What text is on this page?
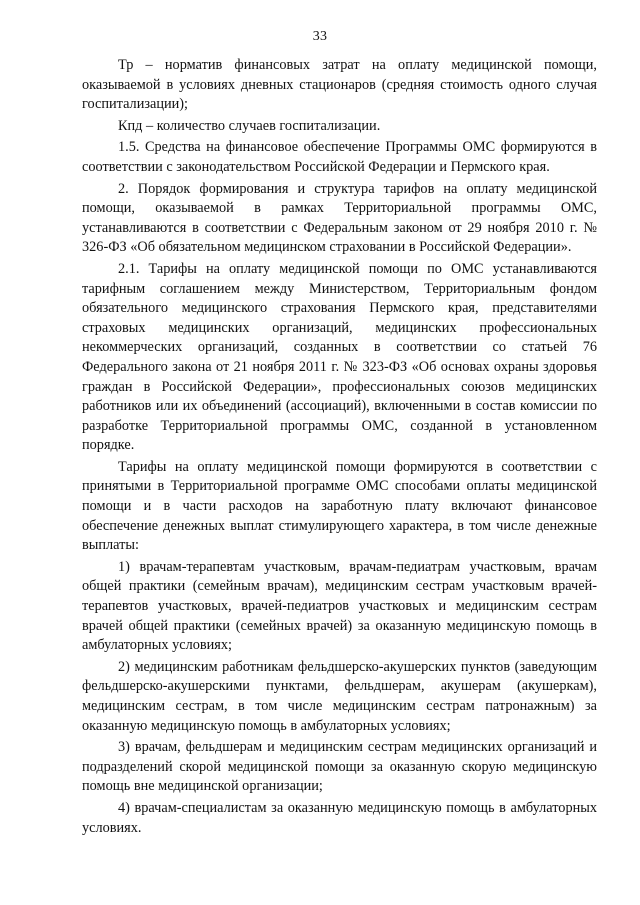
33

Тр – норматив финансовых затрат на оплату медицинской помощи, оказываемой в условиях дневных стационаров (средняя стоимость одного случая госпитализации);

Кпд – количество случаев госпитализации.

1.5. Средства на финансовое обеспечение Программы ОМС формируются в соответствии с законодательством Российской Федерации и Пермского края.

2. Порядок формирования и структура тарифов на оплату медицинской помощи, оказываемой в рамках Территориальной программы ОМС, устанавливаются в соответствии с Федеральным законом от 29 ноября 2010 г. № 326-ФЗ «Об обязательном медицинском страховании в Российской Федерации».

2.1. Тарифы на оплату медицинской помощи по ОМС устанавливаются тарифным соглашением между Министерством, Территориальным фондом обязательного медицинского страхования Пермского края, представителями страховых медицинских организаций, медицинских профессиональных некоммерческих организаций, созданных в соответствии со статьей 76 Федерального закона от 21 ноября 2011 г. № 323-ФЗ «Об основах охраны здоровья граждан в Российской Федерации», профессиональных союзов медицинских работников или их объединений (ассоциаций), включенными в состав комиссии по разработке Территориальной программы ОМС, созданной в установленном порядке.

Тарифы на оплату медицинской помощи формируются в соответствии с принятыми в Территориальной программе ОМС способами оплаты медицинской помощи и в части расходов на заработную плату включают финансовое обеспечение денежных выплат стимулирующего характера, в том числе денежные выплаты:

1) врачам-терапевтам участковым, врачам-педиатрам участковым, врачам общей практики (семейным врачам), медицинским сестрам участковым врачей-терапевтов участковых, врачей-педиатров участковых и медицинским сестрам врачей общей практики (семейных врачей) за оказанную медицинскую помощь в амбулаторных условиях;

2) медицинским работникам фельдшерско-акушерских пунктов (заведующим фельдшерско-акушерскими пунктами, фельдшерам, акушерам (акушеркам), медицинским сестрам, в том числе медицинским сестрам патронажным) за оказанную медицинскую помощь в амбулаторных условиях;

3) врачам, фельдшерам и медицинским сестрам медицинских организаций и подразделений скорой медицинской помощи за оказанную скорую медицинскую помощь вне медицинской организации;

4) врачам-специалистам за оказанную медицинскую помощь в амбулаторных условиях.
